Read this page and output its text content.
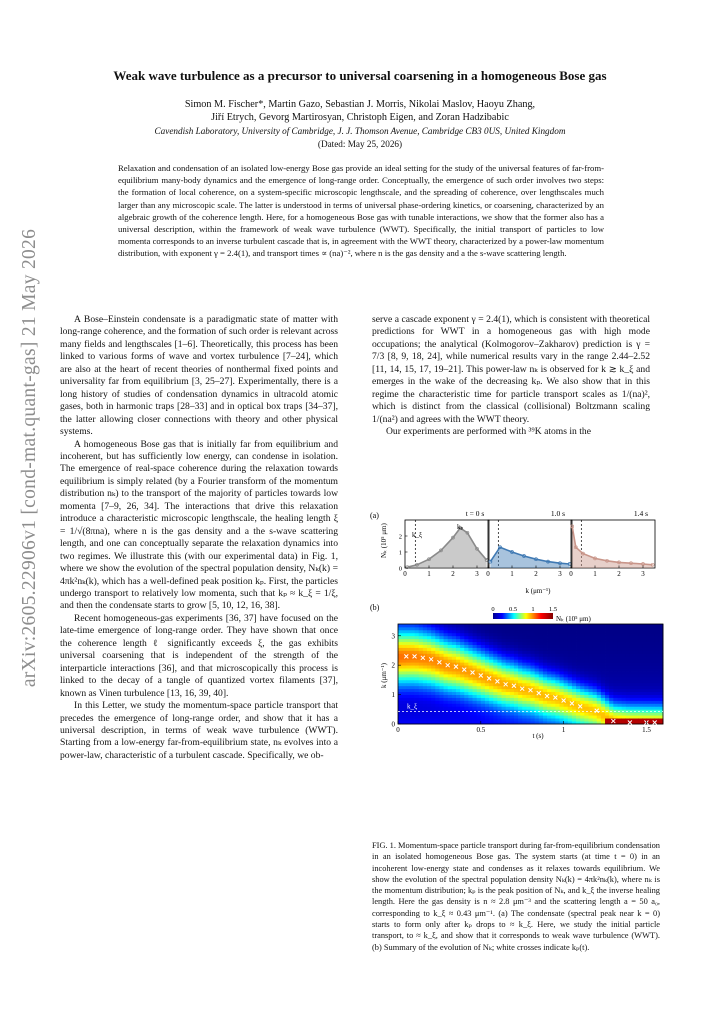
arXiv:2605.22906v1 [cond-mat.quant-gas] 21 May 2026
Weak wave turbulence as a precursor to universal coarsening in a homogeneous Bose gas
Simon M. Fischer*, Martin Gazo, Sebastian J. Morris, Nikolai Maslov, Haoyu Zhang,
Jiří Etrych, Gevorg Martirosyan, Christoph Eigen, and Zoran Hadzibabic
Cavendish Laboratory, University of Cambridge, J. J. Thomson Avenue, Cambridge CB3 0US, United Kingdom
(Dated: May 25, 2026)
Relaxation and condensation of an isolated low-energy Bose gas provide an ideal setting for the study of the universal features of far-from-equilibrium many-body dynamics and the emergence of long-range order. Conceptually, the emergence of such order involves two steps: the formation of local coherence, on a system-specific microscopic lengthscale, and the spreading of coherence, over lengthscales much larger than any microscopic scale. The latter is understood in terms of universal phase-ordering kinetics, or coarsening, characterized by an algebraic growth of the coherence length. Here, for a homogeneous Bose gas with tunable interactions, we show that the former also has a universal description, within the framework of weak wave turbulence (WWT). Specifically, the initial transport of particles to low momenta corresponds to an inverse turbulent cascade that is, in agreement with the WWT theory, characterized by a power-law momentum distribution, with exponent γ = 2.4(1), and transport times ∝ (na)⁻², where n is the gas density and a the s-wave scattering length.

A Bose–Einstein condensate is a paradigmatic state of matter with long-range coherence, and the formation of such order is relevant across many fields and lengthscales [1–6]. Theoretically, this process has been linked to various forms of wave and vortex turbulence [7–24], which are also at the heart of recent theories of nonthermal fixed points and universality far from equilibrium [3, 25–27]. Experimentally, there is a long history of studies of condensation dynamics in ultracold atomic gases, both in harmonic traps [28–33] and in optical box traps [34–37], the latter allowing closer connections with theory and other physical systems.

A homogeneous Bose gas that is initially far from equilibrium and incoherent, but has sufficiently low energy, can condense in isolation. The emergence of real-space coherence during the relaxation towards equilibrium is simply related (by a Fourier transform of the momentum distribution nₖ) to the transport of the majority of particles towards low momenta [7–9, 26, 34]. The interactions that drive this relaxation introduce a characteristic microscopic lengthscale, the healing length ξ = 1/√(8πna), where n is the gas density and a the s-wave scattering length, and one can conceptually separate the relaxation dynamics into two regimes. We illustrate this (with our experimental data) in Fig. 1, where we show the evolution of the spectral population density, Nₖ(k) = 4πk²nₖ(k), which has a well-defined peak position kₚ. First, the particles undergo transport to relatively low momenta, such that kₚ ≈ k_ξ = 1/ξ, and then the condensate starts to grow [5, 10, 12, 16, 38].

Recent homogeneous-gas experiments [36, 37] have focused on the late-time emergence of long-range order. They have shown that once the coherence length ℓ significantly exceeds ξ, the gas exhibits universal coarsening that is independent of the strength of the interparticle interactions [36], and that microscopically this process is linked to the decay of a tangle of quantized vortex filaments [37], known as Vinen turbulence [13, 16, 39, 40].

In this Letter, we study the momentum-space particle transport that precedes the emergence of long-range order, and show that it has a universal description, in terms of weak wave turbulence (WWT). Starting from a low-energy far-from-equilibrium state, nₖ evolves into a power-law, characteristic of a turbulent cascade. Specifically, we ob-

serve a cascade exponent γ = 2.4(1), which is consistent with theoretical predictions for WWT in a homogeneous gas with high mode occupations; the analytical (Kolmogorov–Zakharov) prediction is γ = 7/3 [8, 9, 18, 24], while numerical results vary in the range 2.44–2.52 [11, 14, 15, 17, 19–21]. This power-law nₖ is observed for k ≳ k_ξ and emerges in the wake of the decreasing kₚ. We also show that in this regime the characteristic time for particle transport scales as 1/(na)², which is distinct from the classical (collisional) Boltzmann scaling 1/(na²) and agrees with the WWT theory.

Our experiments are performed with ³⁹K atoms in the

(a)
(b)
Nₖ (10⁵ μm)
k (μm⁻¹)
t = 0 s
0	1	2	3
0
1
2 k_ξ
kₚ
1.0 s
0	1	2	3
1.4 s
0	1	2	3
Nₖ (10⁵ μm)
k (μm⁻¹)
t (s)
k_ξ
0
1
2
3
0	0.5	1	1.5
0 0.5 1 1.5
FIG. 1. Momentum-space particle transport during far-from-equilibrium condensation in an isolated homogeneous Bose gas. The system starts (at time t = 0) in an incoherent low-energy state and condenses as it relaxes towards equilibrium. We show the evolution of the spectral population density Nₖ(k) = 4πk²nₖ(k), where nₖ is the momentum distribution; kₚ is the peak position of Nₖ, and k_ξ the inverse healing length. Here the gas density is n ≈ 2.8 μm⁻³ and the scattering length a = 50 a₀, corresponding to k_ξ ≈ 0.43 μm⁻¹. (a) The condensate (spectral peak near k = 0) starts to form only after kₚ drops to ≈ k_ξ. Here, we study the initial particle transport, to ≈ k_ξ, and show that it corresponds to weak wave turbulence (WWT). (b) Summary of the evolution of Nₖ; white crosses indicate kₚ(t).
